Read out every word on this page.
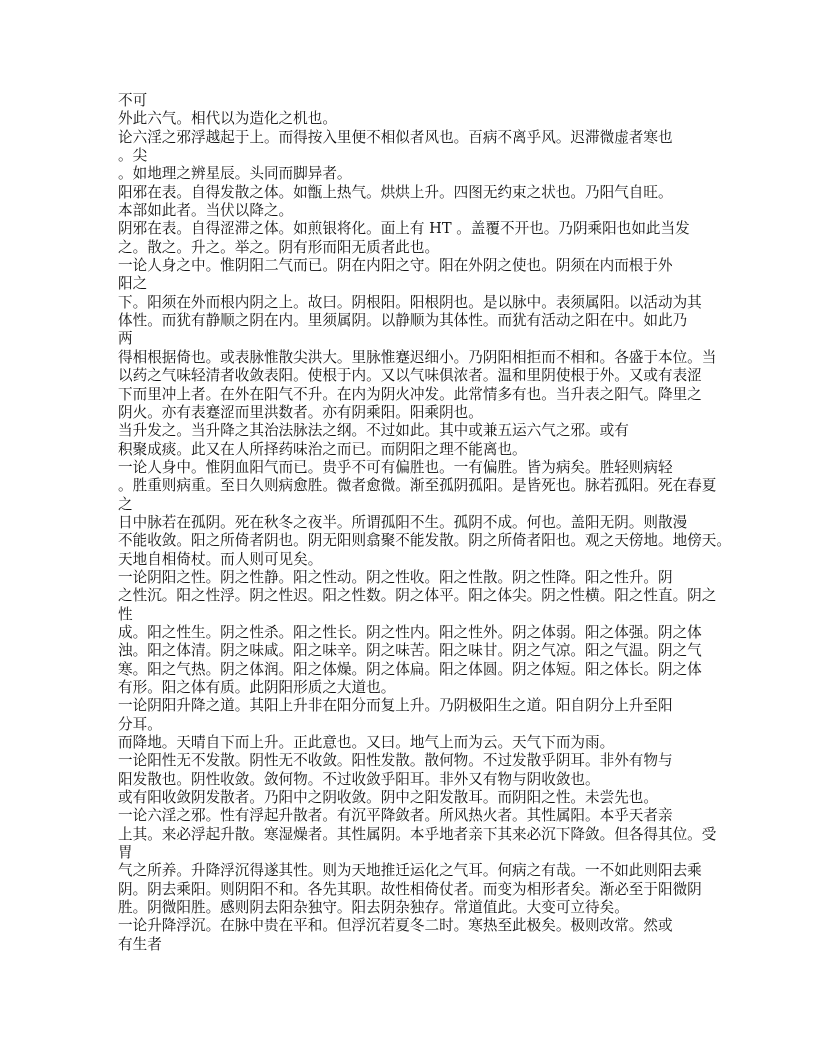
不可
外此六气。相代以为造化之机也。
论六淫之邪浮越起于上。而得按入里便不相似者风也。百病不离乎风。迟滞微虚者寒也
。尖
。如地理之辨星辰。头同而脚异者。
阳邪在表。自得发散之体。如甑上热气。烘烘上升。四图无约束之状也。乃阳气自旺。
本部如此者。当伏以降之。
阴邪在表。自得涩滞之体。如煎银将化。面上有 HT 。盖覆不开也。乃阴乘阳也如此当发
之。散之。升之。举之。阴有形而阳无质者此也。
一论人身之中。惟阴阳二气而已。阴在内阳之守。阳在外阴之使也。阴须在内而根于外
阳之
下。阳须在外而根内阴之上。故曰。阴根阳。阳根阴也。是以脉中。表须属阳。以活动为其
体性。而犹有静顺之阴在内。里须属阴。以静顺为其体性。而犹有活动之阳在中。如此乃
两
得相根据倚也。或表脉惟散尖洪大。里脉惟蹇迟细小。乃阴阳相拒而不相和。各盛于本位。当
以药之气味轻清者收敛表阳。使根于内。又以气味俱浓者。温和里阴使根于外。又或有表涩
下而里冲上者。在外在阳气不升。在内为阴火冲发。此常情多有也。当升表之阳气。降里之
阴火。亦有表蹇涩而里洪数者。亦有阴乘阳。阳乘阴也。
当升发之。当升降之其治法脉法之纲。不过如此。其中或兼五运六气之邪。或有
积聚成痰。此又在人所择药味治之而已。而阴阳之理不能离也。
一论人身中。惟阴血阳气而已。贵乎不可有偏胜也。一有偏胜。皆为病矣。胜轻则病轻
。胜重则病重。至日久则病愈胜。微者愈微。渐至孤阴孤阳。是皆死也。脉若孤阳。死在春夏
之
日中脉若在孤阴。死在秋冬之夜半。所谓孤阳不生。孤阴不成。何也。盖阳无阴。则散漫
不能收敛。阳之所倚者阴也。阴无阳则翕聚不能发散。阴之所倚者阳也。观之天傍地。地傍天。
天地自相倚杖。而人则可见矣。
一论阴阳之性。阴之性静。阳之性动。阴之性收。阳之性散。阴之性降。阳之性升。阴
之性沉。阳之性浮。阴之性迟。阳之性数。阴之体平。阳之体尖。阴之性横。阳之性直。阴之
性
成。阳之性生。阴之性杀。阳之性长。阴之性内。阳之性外。阴之体弱。阳之体强。阴之体
浊。阳之体清。阴之味咸。阳之味辛。阴之味苦。阳之味甘。阴之气凉。阳之气温。阴之气
寒。阳之气热。阴之体润。阳之体燥。阴之体扁。阳之体圆。阴之体短。阳之体长。阴之体
有形。阳之体有质。此阴阳形质之大道也。
一论阴阳升降之道。其阳上升非在阳分而复上升。乃阴极阳生之道。阳自阴分上升至阳
分耳。
而降地。天晴自下而上升。正此意也。又曰。地气上而为云。天气下而为雨。
一论阳性无不发散。阴性无不收敛。阳性发散。散何物。不过发散乎阴耳。非外有物与
阳发散也。阴性收敛。敛何物。不过收敛乎阳耳。非外又有物与阴收敛也。
或有阳收敛阴发散者。乃阳中之阴收敛。阴中之阳发散耳。而阴阳之性。未尝先也。
一论六淫之邪。性有浮起升散者。有沉平降敛者。所风热火者。其性属阳。本乎天者亲
上其。来必浮起升散。寒湿燥者。其性属阴。本乎地者亲下其来必沉下降敛。但各得其位。受
胃
气之所养。升降浮沉得遂其性。则为天地推迁运化之气耳。何病之有哉。一不如此则阳去乘
阴。阴去乘阳。则阴阳不和。各先其职。故性相倚仗者。而变为相形者矣。渐必至于阳微阴
胜。阴微阳胜。感则阴去阳杂独守。阳去阴杂独存。常道值此。大变可立待矣。
一论升降浮沉。在脉中贵在平和。但浮沉若夏冬二时。寒热至此极矣。极则改常。然或
有生者
